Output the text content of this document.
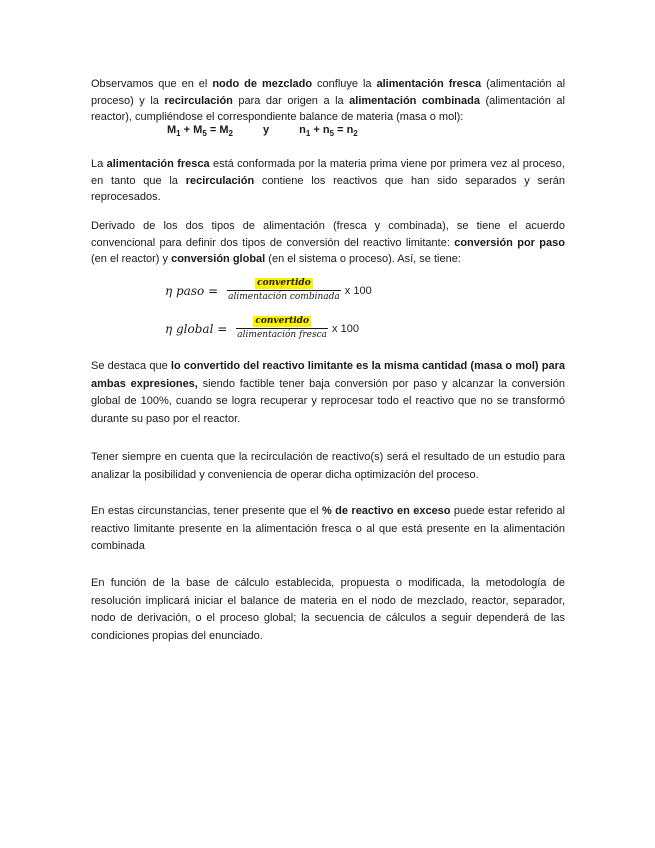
Observamos que en el nodo de mezclado confluye la alimentación fresca (alimentación al proceso) y la recirculación para dar origen a la alimentación combinada (alimentación al reactor), cumpliéndose el correspondiente balance de materia (masa o mol):

$M_1 + M_5 = M_2$	y	$n_1 + n_5 = n_2$

La alimentación fresca está conformada por la materia prima viene por primera vez al proceso, en tanto que la recirculación contiene los reactivos que han sido separados y serán reprocesados.

Derivado de los dos tipos de alimentación (fresca y combinada), se tiene el acuerdo convencional para definir dos tipos de conversión del reactivo limitante: conversión por paso (en el reactor) y conversión global (en el sistema o proceso). Así, se tiene:

η paso = $\frac{\text{convertido}}{\text{alimentación combinada}}$ x 100
η global = $\frac{\text{convertido}}{\text{alimentación fresca}}$ x 100

Se destaca que lo convertido del reactivo limitante es la misma cantidad (masa o mol) para ambas expresiones, siendo factible tener baja conversión por paso y alcanzar la conversión global de 100%, cuando se logra recuperar y reprocesar todo el reactivo que no se transformó durante su paso por el reactor.

Tener siempre en cuenta que la recirculación de reactivo(s) será el resultado de un estudio para analizar la posibilidad y conveniencia de operar dicha optimización del proceso.

En estas circunstancias, tener presente que el % de reactivo en exceso puede estar referido al reactivo limitante presente en la alimentación fresca o al que está presente en la alimentación combinada

En función de la base de cálculo establecida, propuesta o modificada, la metodología de resolución implicará iniciar el balance de materia en el nodo de mezclado, reactor, separador, nodo de derivación, o el proceso global; la secuencia de cálculos a seguir dependerá de las condiciones propias del enunciado.
